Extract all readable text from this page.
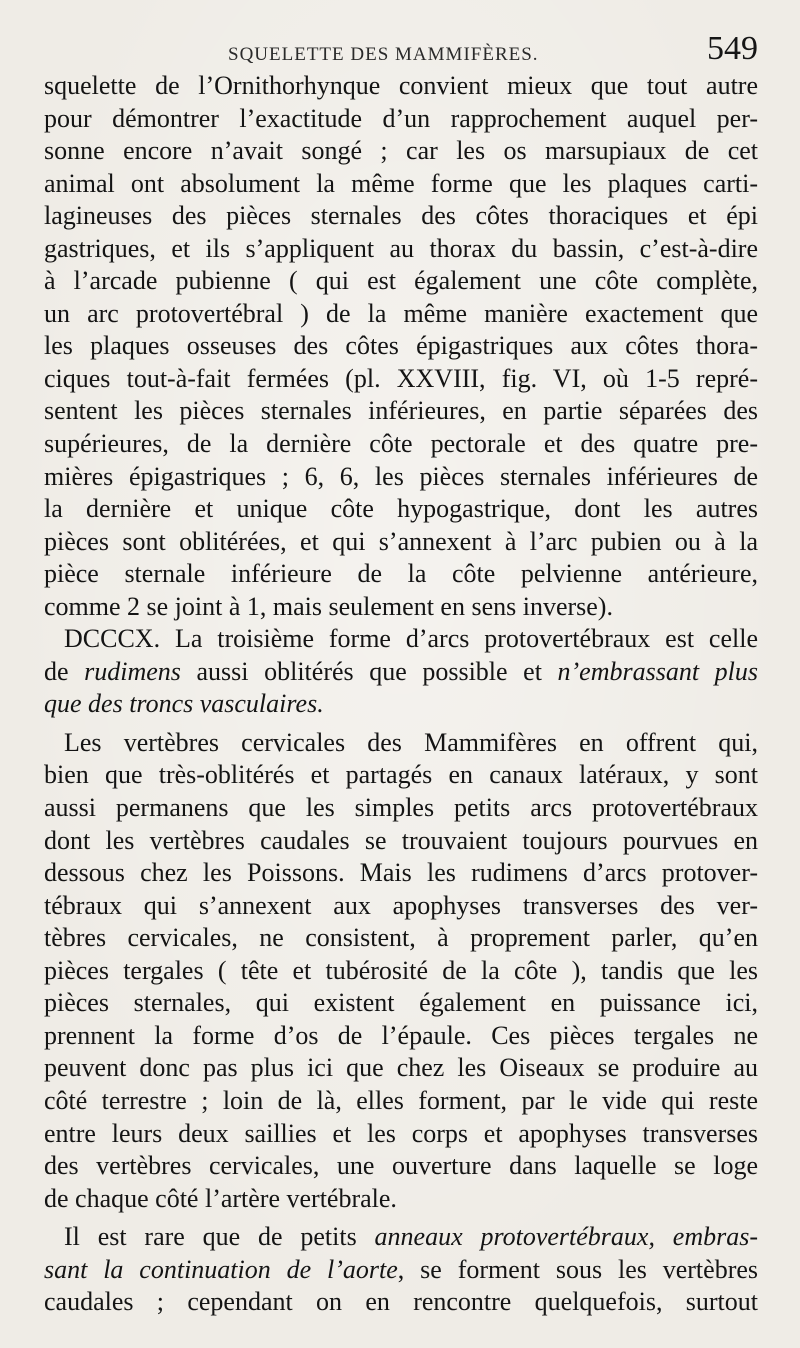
SQUELETTE DES MAMMIFÈRES.	549
squelette de l’Ornithorhynque convient mieux que tout autre
pour démontrer l’exactitude d’un rapprochement auquel per-
sonne encore n’avait songé ; car les os marsupiaux de cet
animal ont absolument la même forme que les plaques carti-
lagineuses des pièces sternales des côtes thoraciques et épi
gastriques, et ils s’appliquent au thorax du bassin, c’est-à-dire
à l’arcade pubienne ( qui est également une côte complète,
un arc protovertébral ) de la même manière exactement que
les plaques osseuses des côtes épigastriques aux côtes thora-
ciques tout-à-fait fermées (pl. XXVIII, fig. VI, où 1-5 repré-
sentent les pièces sternales inférieures, en partie séparées des
supérieures, de la dernière côte pectorale et des quatre pre-
mières épigastriques ; 6, 6, les pièces sternales inférieures de
la dernière et unique côte hypogastrique, dont les autres
pièces sont oblitérées, et qui s’annexent à l’arc pubien ou à la
pièce sternale inférieure de la côte pelvienne antérieure,
comme 2 se joint à 1, mais seulement en sens inverse).
DCCCX. La troisième forme d’arcs protovertébraux est celle
de rudimens aussi oblitérés que possible et n’embrassant plus
que des troncs vasculaires.
Les vertèbres cervicales des Mammifères en offrent qui,
bien que très-oblitérés et partagés en canaux latéraux, y sont
aussi permanens que les simples petits arcs protovertébraux
dont les vertèbres caudales se trouvaient toujours pourvues en
dessous chez les Poissons. Mais les rudimens d’arcs protover-
tébraux qui s’annexent aux apophyses transverses des ver-
tèbres cervicales, ne consistent, à proprement parler, qu’en
pièces tergales ( tête et tubérosité de la côte ), tandis que les
pièces sternales, qui existent également en puissance ici,
prennent la forme d’os de l’épaule. Ces pièces tergales ne
peuvent donc pas plus ici que chez les Oiseaux se produire au
côté terrestre ; loin de là, elles forment, par le vide qui reste
entre leurs deux saillies et les corps et apophyses transverses
des vertèbres cervicales, une ouverture dans laquelle se loge
de chaque côté l’artère vertébrale.
Il est rare que de petits anneaux protovertébraux, embras-
sant la continuation de l’aorte, se forment sous les vertèbres
caudales ; cependant on en rencontre quelquefois, surtout
